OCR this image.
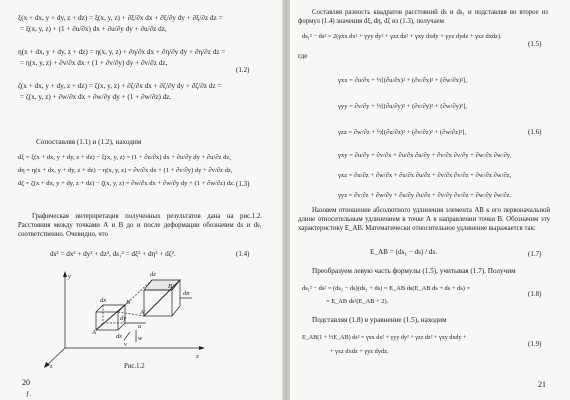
ξ(x + dx, y + dy, z + dz) = ξ(x, y, z) + ∂ξ/∂x dx + ∂ξ/∂y dy + ∂ξ/∂z dz =
= ξ(x, y, z) + (1 + ∂u/∂x) dx + ∂u/∂y dy + ∂u/∂z dz,
η(x + dx, y + dy, z + dz) = η(x, y, z) + ∂η/∂x dx + ∂η/∂y dy + ∂η/∂z dz =
= η(x, y, z) + ∂v/∂x dx + (1 + ∂v/∂y) dy + ∂v/∂z dz,
ζ(x + dx, y + dy, z + dz) = ζ(x, y, z) + ∂ζ/∂x dx + ∂ζ/∂y dy + ∂ζ/∂z dz =
= ζ(x, y, z) + ∂w/∂x dx + ∂w/∂y dy + (1 + ∂w/∂z) dz.
(1.2)
Сопоставляя (1.1) и (1.2), находим
dξ = ξ(x + dx, y + dy, z + dz) − ξ(x, y, z) = (1 + ∂u/∂x) dx + ∂u/∂y dy + ∂u/∂z dz,
dη = η(x + dx, y + dy, z + dz) − η(x, y, z) = ∂v/∂x dx + (1 + ∂v/∂y) dy + ∂v/∂z dz,
dζ = ζ(x + dx, y + dy, z + dz) − ζ(x, y, z) = ∂w/∂x dx + ∂w/∂y dy + (1 + ∂w/∂z) dz. (1.3)
Графическая интерпретация полученных результатов дана на рис.1.2. Расстояния между точками А и В до и после деформации обозначим ds и ds₁ соответственно. Очевидно, что
ds² = dx² + dy² + dz², ds₁² = dξ² + dη² + dζ².	(1.4)
y
x
z
dx
dy
dz
u
w
v
dn
dz
B'
A'
A
B
Рис.1.2
20
ƒ.
Составляя разность квадратов расстояний ds и ds₁ и подставляя во второе из формул (1.4) значения dξ, dη, dζ из (1.3), получаем
ds₁² − ds² = 2(γxx dx² + γyy dy² + γzz dz² + γxy dxdy + γyz dydz + γxz dxdz).
(1.5)
где
γxx = ∂u/∂x + ½[(∂u/∂x)² + (∂v/∂x)² + (∂w/∂x)²],
γyy = ∂v/∂y + ½[(∂u/∂y)² + (∂v/∂y)² + (∂w/∂y)²],
γzz = ∂w/∂z + ½[(∂u/∂z)² + (∂v/∂z)² + (∂w/∂z)²],
γxy = ∂u/∂y + ∂v/∂x + ∂u/∂x ∂u/∂y + ∂v/∂x ∂v/∂y + ∂w/∂x ∂w/∂y,
γxz = ∂u/∂z + ∂w/∂x + ∂u/∂x ∂u/∂z + ∂v/∂x ∂v/∂z + ∂w/∂x ∂w/∂z,
γyz = ∂v/∂z + ∂w/∂y + ∂u/∂y ∂u/∂z + ∂v/∂y ∂v/∂z + ∂w/∂y ∂w/∂z.
(1.6)
Назовем отношение абсолютного удлинения элемента AB к его первоначальной длине относительным удлинением в точке А в направлении точки В. Обозначим эту характеристику E_AB. Математически относительное удлинение выражается так:
E_AB = (ds₁ − ds) / ds.	(1.7)
Преобразуем левую часть формулы (1.5), учитывая (1.7). Получим
ds₁² − ds² = (ds₁ − ds)(ds₁ + ds) = E_AB ds(E_AB ds + ds + ds) =
= E_AB ds²(E_AB + 2).
(1.8)
Подставляя (1.8) в уравнение (1.5), находим
E_AB(1 + ½E_AB) ds² = γxx dx² + γyy dy² + γzz dz² + γxy dxdy +
+ γxz dxdz + γyz dydz.
(1.9)
21
